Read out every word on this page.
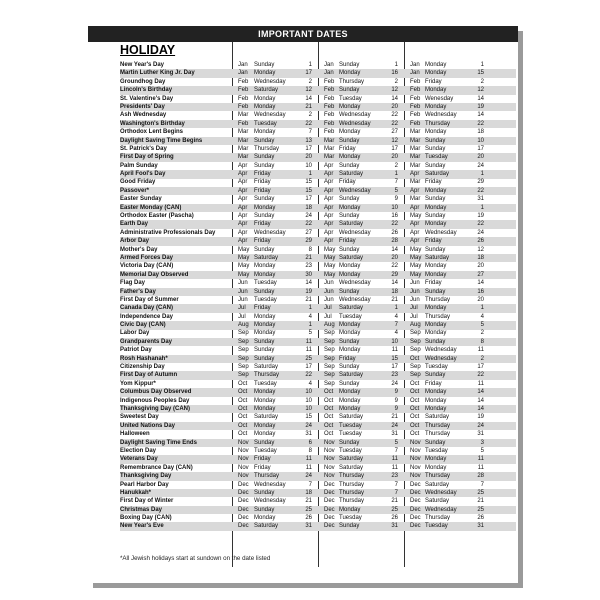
IMPORTANT DATES
HOLIDAY
New Year's Day	Jan	Sunday	1 Jan Sunday	1 Jan Monday	1
Martin Luther King Jr. Day	Jan	Monday	17 Jan Monday	16 Jan Monday	15
Groundhog Day	Feb Wednesday	2 Feb Thursday	2 Feb Friday	2
Lincoln's Birthday	Feb Saturday	12 Feb Sunday	12 Feb Monday	12
St. Valentine's Day	Feb Monday	14 Feb Tuesday	14 Feb Wenesday	14
Presidents' Day	Feb Monday	21 Feb Monday	20 Feb Monday	19
Ash Wednesday	Mar Wednesday	2 Feb Wednesday	22 Feb Wednesday	14
Washington's Birthday	Feb Tuesday	22 Feb Wednesday	22 Feb Thursday	22
Orthodox Lent Begins	Mar Monday	7 Feb Monday	27 Mar Monday	18
Daylight Saving Time Begins	Mar Sunday	13 Mar Sunday	12 Mar Sunday	10
St. Patrick's Day	Mar Thursday	17 Mar Friday	17 Mar Sunday	17
First Day of Spring	Mar Sunday	20 Mar Monday	20 Mar Tuesday	20
Palm Sunday	Apr	Sunday	10 Apr Sunday	2 Mar Sunday	24
April Fool's Day	Apr	Friday	1 Apr Saturday	1 Apr Saturday	1
Good Friday	Apr	Friday	15 Apr Friday	7 Mar Friday	29
Passover*	Apr	Friday	15 Apr Wednesday	5 Apr Monday	22
Easter Sunday	Apr	Sunday	17 Apr Sunday	9 Mar Sunday	31
Easter Monday (CAN)	Apr	Monday	18 Apr Monday	10 Apr Monday	1
Orthodox Easter (Pascha)	Apr	Sunday	24 Apr Sunday	16 May Sunday	19
Earth Day	Apr	Friday	22 Apr Saturday	22 Apr Monday	22
Administrative Professionals Day	Apr	Wednesday	27 Apr Wednesday	26 Apr Wednesday	24
Arbor Day	Apr	Friday	29 Apr Friday	28 Apr Friday	26
Mother's Day	May Sunday	8 May Sunday	14 May Sunday	12
Armed Forces Day	May Saturday	21 May Saturday	20 May Saturday	18
Victoria Day (CAN)	May Monday	23 May Monday	22 May Monday	20
Memorial Day Observed	May Monday	30 May Monday	29 May Monday	27
Flag Day	Jun	Tuesday	14 Jun Wednesday	14 Jun Friday	14
Father's Day	Jun	Sunday	19 Jun Sunday	18 Jun Sunday	16
First Day of Summer	Jun	Tuesday	21 Jun Wednesday	21 Jun Thursday	20
Canada Day (CAN)	Jul	Friday	1 Jul	Saturday	1 Jul	Monday	1
Independence Day	Jul	Monday	4 Jul	Tuesday	4 Jul	Thursday	4
Civic Day (CAN)	Aug Monday	1 Aug Monday	7 Aug Monday	5
Labor Day	Sep Monday	5 Sep Monday	4 Sep Monday	2
Grandparents Day	Sep Sunday	11 Sep Sunday	10 Sep Sunday	8
Patriot Day	Sep Sunday	11 Sep Monday	11 Sep Wednesday	11
Rosh Hashanah*	Sep Sunday	25 Sep Friday	15 Oct Wednesday	2
Citizenship Day	Sep Saturday	17 Sep Sunday	17 Sep Tuesday	17
First Day of Autumn	Sep Thursday	22 Sep Saturday	23 Sep Sunday	22
Yom Kippur*	Oct	Tuesday	4 Sep Sunday	24 Oct Friday	11
Columbus Day Observed	Oct	Monday	10 Oct Monday	9 Oct Monday	14
Indigenous Peoples Day	Oct	Monday	10 Oct Monday	9 Oct Monday	14
Thanksgiving Day (CAN)	Oct	Monday	10 Oct Monday	9 Oct Monday	14
Sweetest Day	Oct	Saturday	15 Oct Saturday	21 Oct Saturday	19
United Nations Day	Oct	Monday	24 Oct Tuesday	24 Oct Thursday	24
Halloween	Oct	Monday	31 Oct Tuesday	31 Oct Thursday	31
Daylight Saving Time Ends	Nov Sunday	6 Nov Sunday	5 Nov Sunday	3
Election Day	Nov Tuesday	8 Nov Tuesday	7 Nov Tuesday	5
Veterans Day	Nov Friday	11 Nov Saturday	11 Nov Monday	11
Remembrance Day (CAN)	Nov Friday	11 Nov Saturday	11 Nov Monday	11
Thanksgiving Day	Nov Thursday	24 Nov Thursday	23 Nov Thursday	28
Pearl Harbor Day	Dec Wednesday	7 Dec Thursday	7 Dec Saturday	7
Hanukkah*	Dec Sunday	18 Dec Thursday	7 Dec Wednesday	25
First Day of Winter	Dec Wednesday	21 Dec Thursday	21 Dec Saturday	21
Christmas Day	Dec Sunday	25 Dec Monday	25 Dec Wednesday	25
Boxing Day (CAN)	Dec Monday	26 Dec Tuesday	26 Dec Thursday	26
New Year's Eve	Dec Saturday	31 Dec Sunday	31 Dec Tuesday	31
*All Jewish holidays start at sundown on the date listed
